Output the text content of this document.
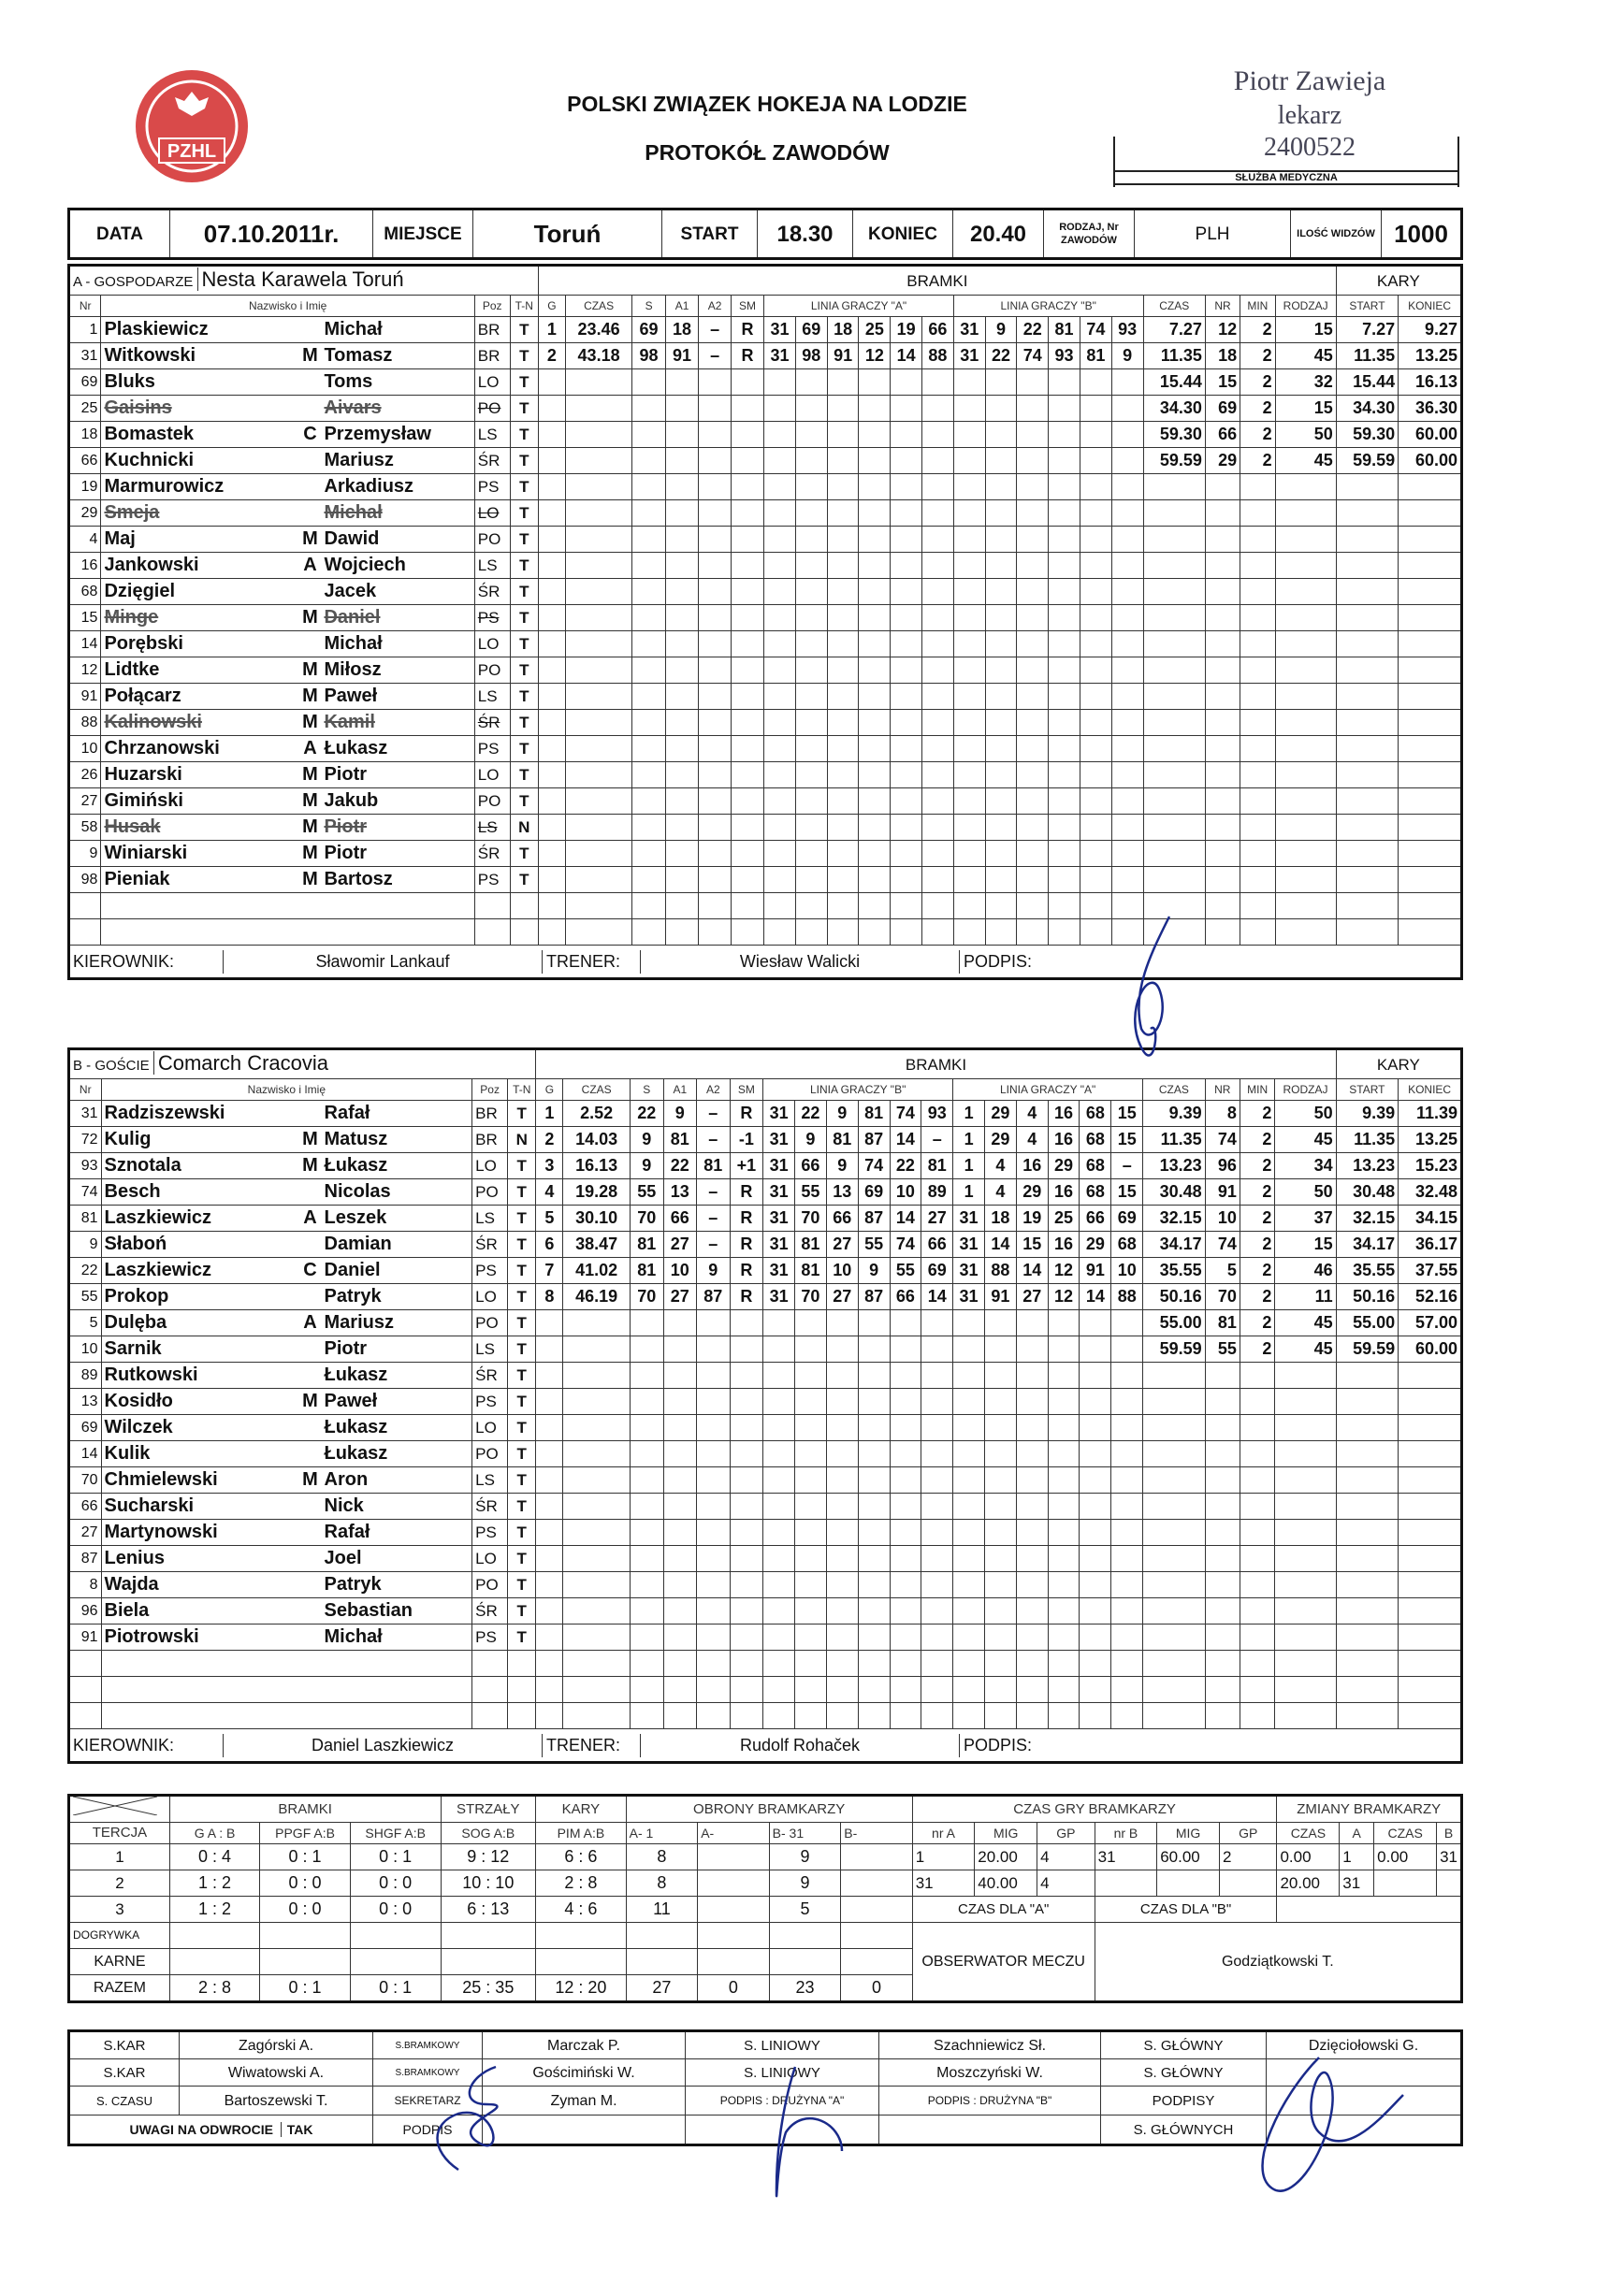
PZHL
POLSKI ZWIĄZEK HOKEJA NA LODZIE
PROTOKÓŁ ZAWODÓW
Piotr Zawieja
lekarz
2400522
SŁUŻBA MEDYCZNA
DATA	07.10.2011r.	MIEJSCE	Toruń	START	18.30	KONIEC	20.40	RODZAJ, Nr ZAWODÓW	PLH	ILOŚĆ WIDZÓW	1000
A - GOSPODARZE Nesta Karawela Toruń				BRAMKI																						KARY	
Nr	Nazwisko i Imię	Poz	T-N	G	CZAS	S	A1	A2	SM	LINIA GRACZY "A"						LINIA GRACZY "B"						CZAS	NR	MIN	RODZAJ	START	KONIEC
1	Plaskiewicz Michał	BR	T	1	23.46	69	18	–	R	31	69	18	25	19	66	31	9	22	81	74	93	7.27	12	2	15	7.27	9.27
31	Witkowski M Tomasz	BR	T	2	43.18	98	91	–	R	31	98	91	12	14	88	31	22	74	93	81	9	11.35	18	2	45	11.35	13.25
69	Bluks Toms	LO	T																			15.44	15	2	32	15.44	16.13
25	Gaisins Aivars	PO	T																			34.30	69	2	15	34.30	36.30
18	Bomastek C Przemysław	LS	T																			59.30	66	2	50	59.30	60.00
66	Kuchnicki Mariusz	ŚR	T																			59.59	29	2	45	59.59	60.00
19	Marmurowicz Arkadiusz	PS	T																								
29	Smeja Michał	LO	T																								
4	Maj M Dawid	PO	T																								
16	Jankowski A Wojciech	LS	T																								
68	Dzięgiel Jacek	ŚR	T																								
15	Minge M Daniel	PS	T																								
14	Porębski Michał	LO	T																								
12	Lidtke M Miłosz	PO	T																								
91	Połącarz M Paweł	LS	T																								
88	Kalinowski M Kamil	ŚR	T																								
10	Chrzanowski A Łukasz	PS	T																								
26	Huzarski M Piotr	LO	T																								
27	Gimiński M Jakub	PO	T																								
58	Husak M Piotr	LS	N																								
9	Winiarski M Piotr	ŚR	T																								
98	Pieniak M Bartosz	PS	T																								

KIEROWNIK: Sławomir Lankauf TRENER: Wiesław Walicki PODPIS:																											
B - GOŚCIE Comarch Cracovia				BRAMKI																						KARY	
Nr	Nazwisko i Imię	Poz	T-N	G	CZAS	S	A1	A2	SM	LINIA GRACZY "B"						LINIA GRACZY "A"						CZAS	NR	MIN	RODZAJ	START	KONIEC
31	Radziszewski Rafał	BR	T	1	2.52	22	9	–	R	31	22	9	81	74	93	1	29	4	16	68	15	9.39	8	2	50	9.39	11.39
72	Kulig M Matusz	BR	N	2	14.03	9	81	–	-1	31	9	81	87	14	–	1	29	4	16	68	15	11.35	74	2	45	11.35	13.25
93	Sznotala M Łukasz	LO	T	3	16.13	9	22	81	+1	31	66	9	74	22	81	1	4	16	29	68	–	13.23	96	2	34	13.23	15.23
74	Besch Nicolas	PO	T	4	19.28	55	13	–	R	31	55	13	69	10	89	1	4	29	16	68	15	30.48	91	2	50	30.48	32.48
81	Laszkiewicz A Leszek	LS	T	5	30.10	70	66	–	R	31	70	66	87	14	27	31	18	19	25	66	69	32.15	10	2	37	32.15	34.15
9	Słaboń Damian	ŚR	T	6	38.47	81	27	–	R	31	81	27	55	74	66	31	14	15	16	29	68	34.17	74	2	15	34.17	36.17
22	Laszkiewicz C Daniel	PS	T	7	41.02	81	10	9	R	31	81	10	9	55	69	31	88	14	12	91	10	35.55	5	2	46	35.55	37.55
55	Prokop Patryk	LO	T	8	46.19	70	27	87	R	31	70	27	87	66	14	31	91	27	12	14	88	50.16	70	2	11	50.16	52.16
5	Dulęba A Mariusz	PO	T																			55.00	81	2	45	55.00	57.00
10	Sarnik Piotr	LS	T																			59.59	55	2	45	59.59	60.00
89	Rutkowski Łukasz	ŚR	T																								
13	Kosidło M Paweł	PS	T																								
69	Wilczek Łukasz	LO	T																								
14	Kulik Łukasz	PO	T																								
70	Chmielewski M Aron	LS	T																								
66	Sucharski Nick	ŚR	T																								
27	Martynowski Rafał	PS	T																								
87	Lenius Joel	LO	T																								
8	Wajda Patryk	PO	T																								
96	Biela Sebastian	ŚR	T																								
91	Piotrowski Michał	PS	T																								

KIEROWNIK: Daniel Laszkiewicz TRENER: Rudolf Rohaček PODPIS:																											
	BRAMKI			STRZAŁY	KARY	OBRONY BRAMKARZY				CZAS GRY BRAMKARZY						ZMIANY BRAMKARZY			
TERCJA	G A : B	PPGF A:B	SHGF A:B	SOG A:B	PIM A:B	A- 1	A-	B- 31	B-	nr A	MIG	GP	nr B	MIG	GP	CZAS	A	CZAS	B
1	0 : 4	0 : 1	0 : 1	9 : 12	6 : 6	8		9		1	20.00	4	31	60.00	2	0.00	1	0.00	31
2	1 : 2	0 : 0	0 : 0	10 : 10	2 : 8	8		9		31	40.00	4				20.00	31		
3	1 : 2	0 : 0	0 : 0	6 : 13	4 : 6	11		5		CZAS DLA "A"			CZAS DLA "B"						
DOGRYWKA										OBSERWATOR MECZU			Godziątkowski T.						
KARNE																			
RAZEM	2 : 8	0 : 1	0 : 1	25 : 35	12 : 20	27	0	23	0										
S.KAR	Zagórski A.	S.BRAMKOWY	Marczak P.	S. LINIOWY	Szachniewicz Sł.	S. GŁÓWNY	Dzięciołowski G.
S.KAR	Wiwatowski A.	S.BRAMKOWY	Gościmiński W.	S. LINIOWY	Moszczyński W.	S. GŁÓWNY	
S. CZASU	Bartoszewski T.	SEKRETARZ	Zyman M.	PODPIS : DRUŻYNA "A"	PODPIS : DRUŻYNA "B"	PODPISY	
UWAGI NA ODWROCIE TAK		PODPIS				S. GŁÓWNYCH	
